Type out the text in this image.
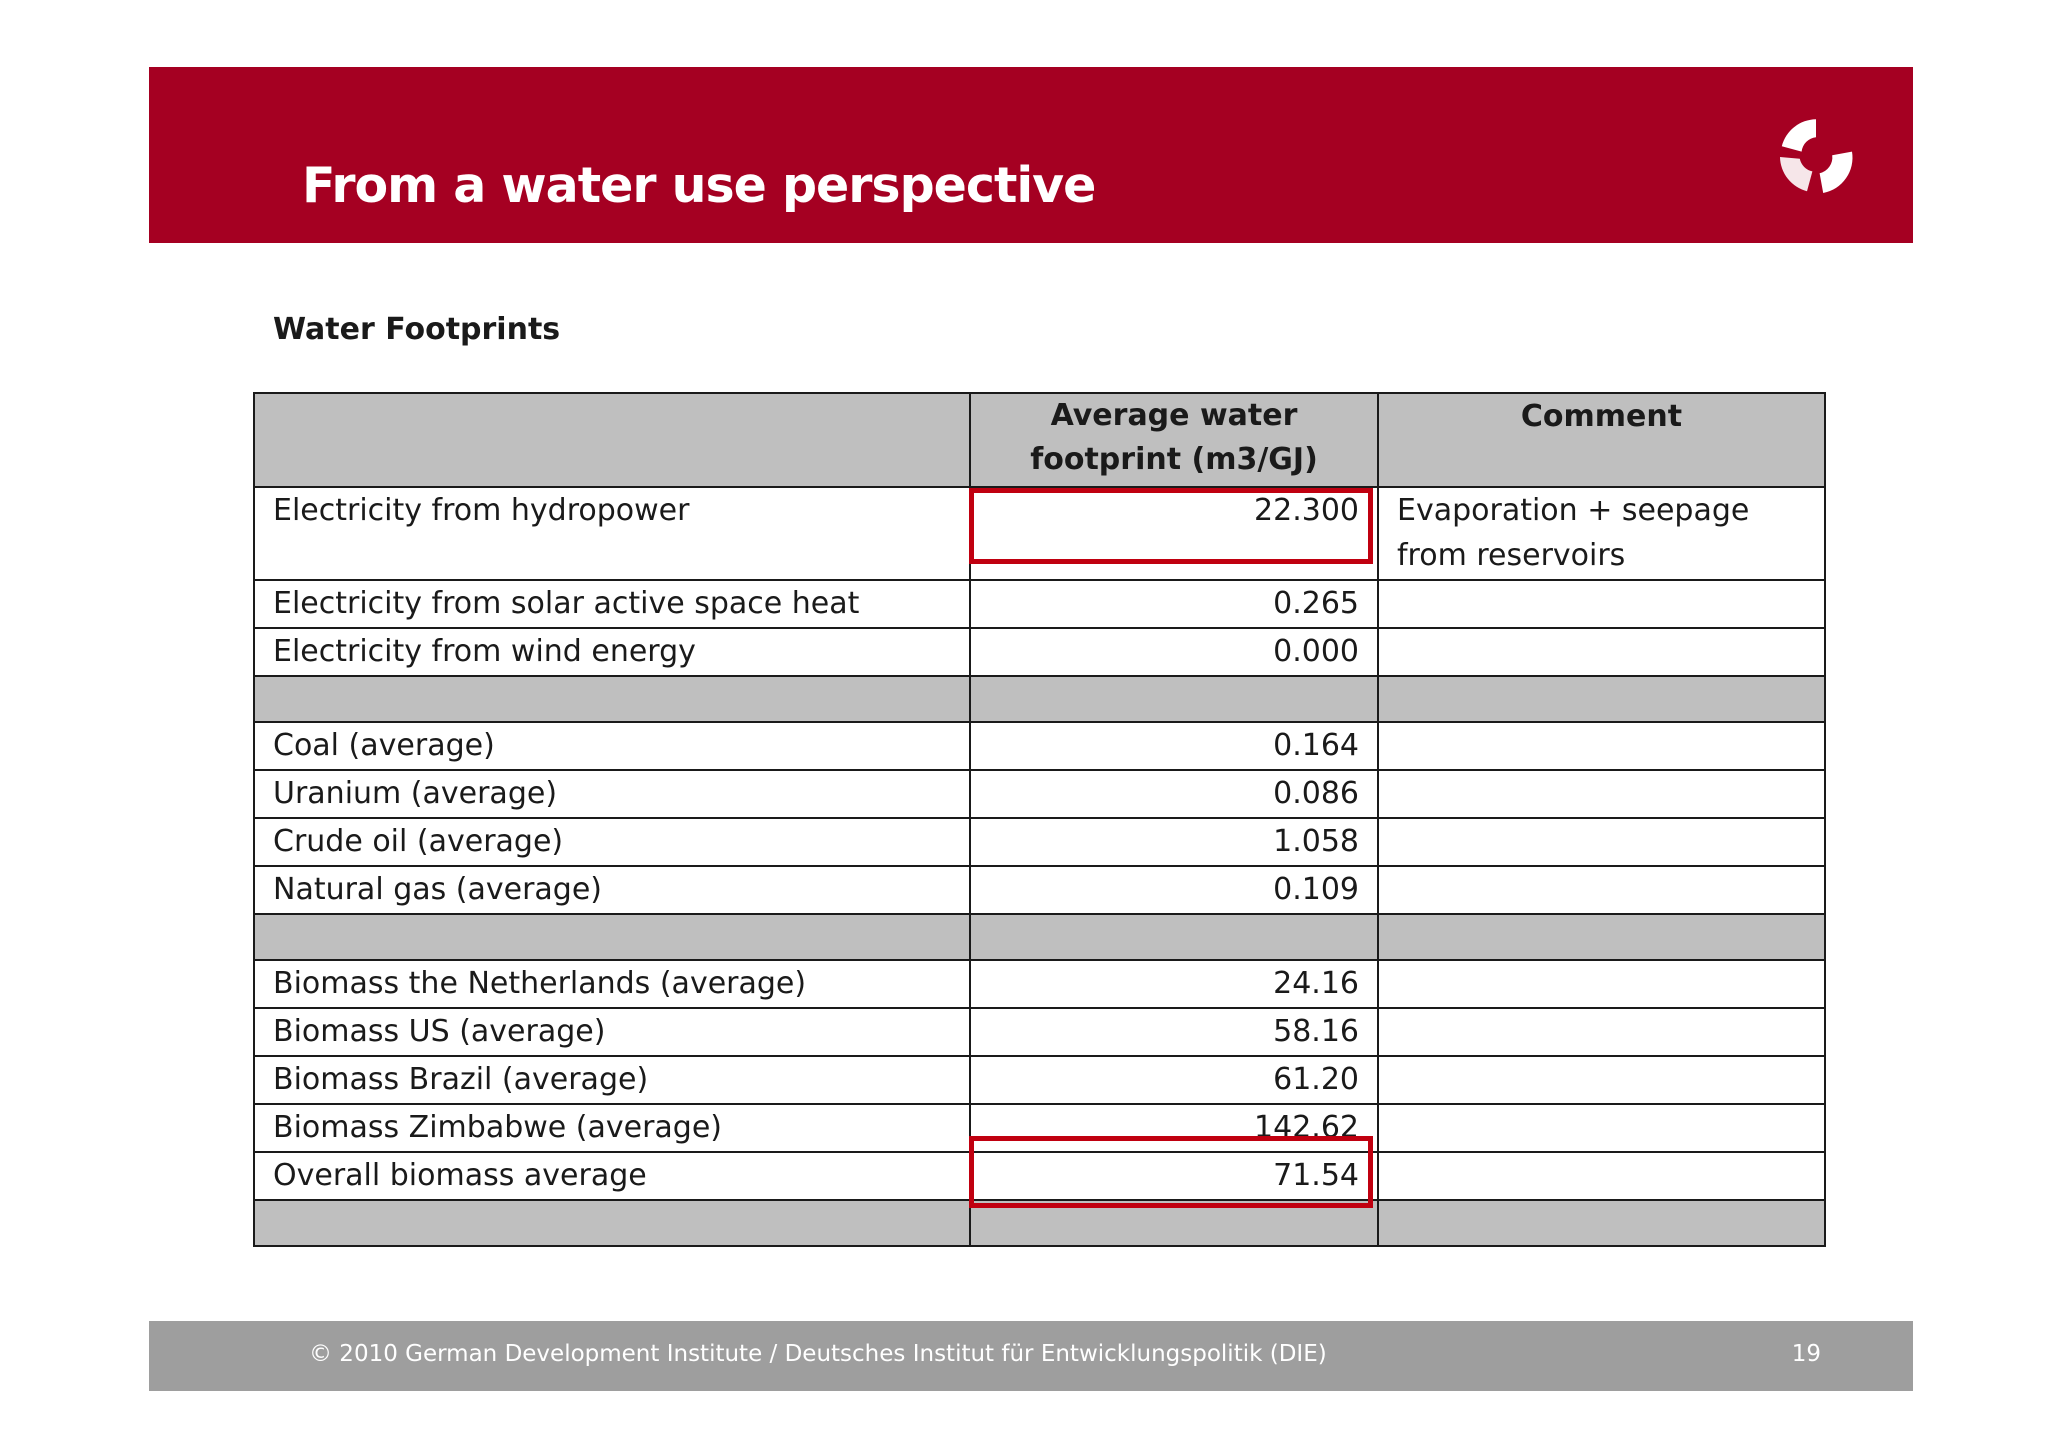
From a water use perspective
Water Footprints
	Average water footprint (m3/GJ)	Comment
Electricity from hydropower	22.300	Evaporation + seepage from reservoirs
Electricity from solar active space heat	0.265	
Electricity from wind energy	0.000	

Coal (average)	0.164	
Uranium (average)	0.086	
Crude oil (average)	1.058	
Natural gas (average)	0.109	

Biomass the Netherlands (average)	24.16	
Biomass US (average)	58.16	
Biomass Brazil (average)	61.20	
Biomass Zimbabwe (average)	142.62	
Overall biomass average	71.54	

© 2010 German Development Institute / Deutsches Institut für Entwicklungspolitik (DIE)	19
